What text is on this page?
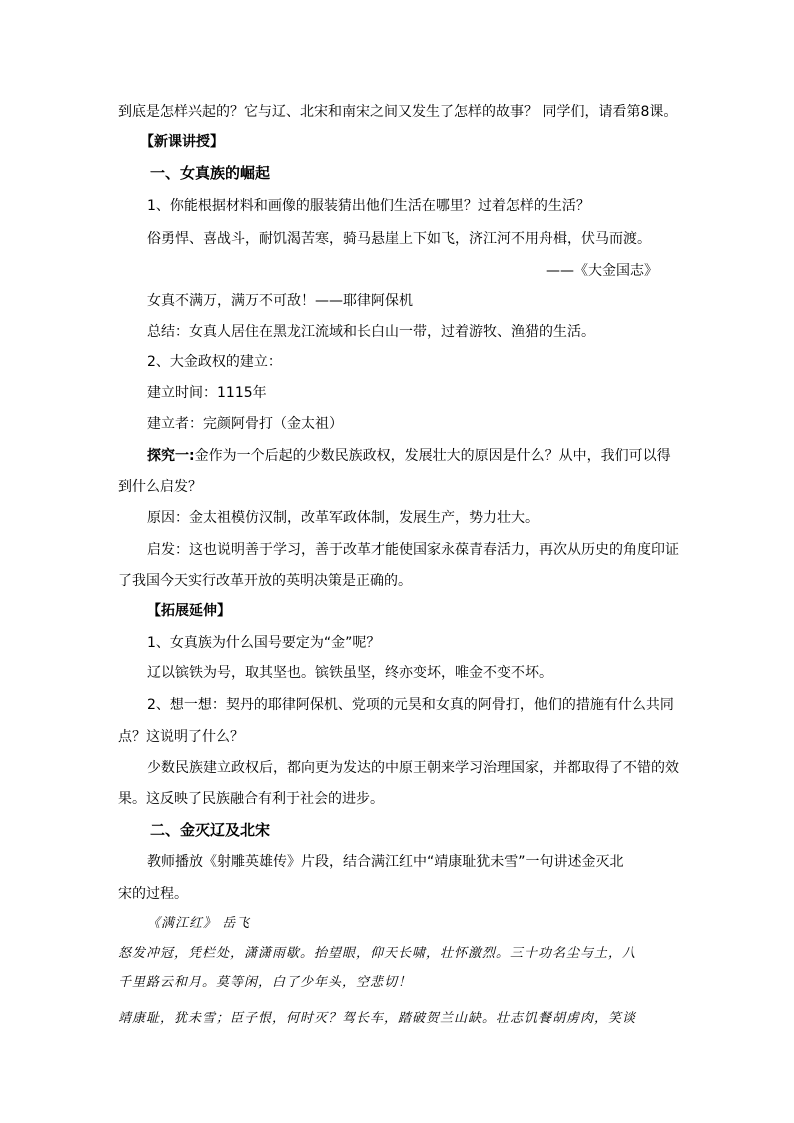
到底是怎样兴起的？它与辽、北宋和南宋之间又发生了怎样的故事？ 同学们，请看第8课。
【新课讲授】
一、女真族的崛起
1、你能根据材料和画像的服装猜出他们生活在哪里？过着怎样的生活？
俗勇悍、喜战斗，耐饥渴苦寒，骑马悬崖上下如飞，济江河不用舟楫，伏马而渡。
——《大金国志》
女真不满万，满万不可敌！——耶律阿保机
总结：女真人居住在黑龙江流域和长白山一带，过着游牧、渔猎的生活。
2、大金政权的建立：
建立时间：1115年
建立者：完颜阿骨打（金太祖）
探究一:金作为一个后起的少数民族政权，发展壮大的原因是什么？从中，我们可以得
到什么启发？
原因：金太祖模仿汉制，改革军政体制，发展生产，势力壮大。
启发：这也说明善于学习，善于改革才能使国家永葆青春活力，再次从历史的角度印证
了我国今天实行改革开放的英明决策是正确的。
【拓展延伸】
1、女真族为什么国号要定为“金”呢？
辽以镔铁为号，取其坚也。镔铁虽坚，终亦变坏，唯金不变不坏。
2、想一想：契丹的耶律阿保机、党项的元昊和女真的阿骨打，他们的措施有什么共同
点？这说明了什么？
少数民族建立政权后，都向更为发达的中原王朝来学习治理国家，并都取得了不错的效
果。这反映了民族融合有利于社会的进步。
二、金灭辽及北宋
教师播放《射雕英雄传》片段，结合满江红中“靖康耻犹未雪”一句讲述金灭北
宋的过程。
《满江红》 岳飞
怒发冲冠，凭栏处，潇潇雨歇。抬望眼，仰天长啸，壮怀激烈。三十功名尘与土，八
千里路云和月。莫等闲，白了少年头，空悲切！
靖康耻，犹未雪；臣子恨，何时灭？驾长车，踏破贺兰山缺。壮志饥餐胡虏肉，笑谈
